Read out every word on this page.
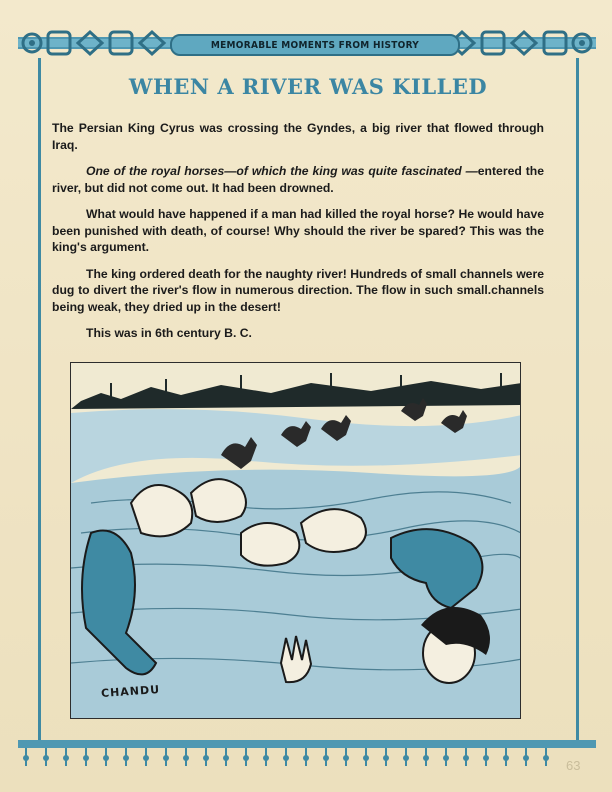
MEMORABLE MOMENTS FROM HISTORY
WHEN A RIVER WAS KILLED

The Persian King Cyrus was crossing the Gyndes, a big river that flowed through Iraq.

One of the royal horses—of which the king was quite fascinated —entered the river, but did not come out. It had been drowned.

What would have happened if a man had killed the royal horse? He would have been punished with death, of course! Why should the river be spared? This was the king's argument.

The king ordered death for the naughty river! Hundreds of small channels were dug to divert the river's flow in numerous direction. The flow in such small.channels being weak, they dried up in the desert!

This was in 6th century B. C.

CHANDU
63
